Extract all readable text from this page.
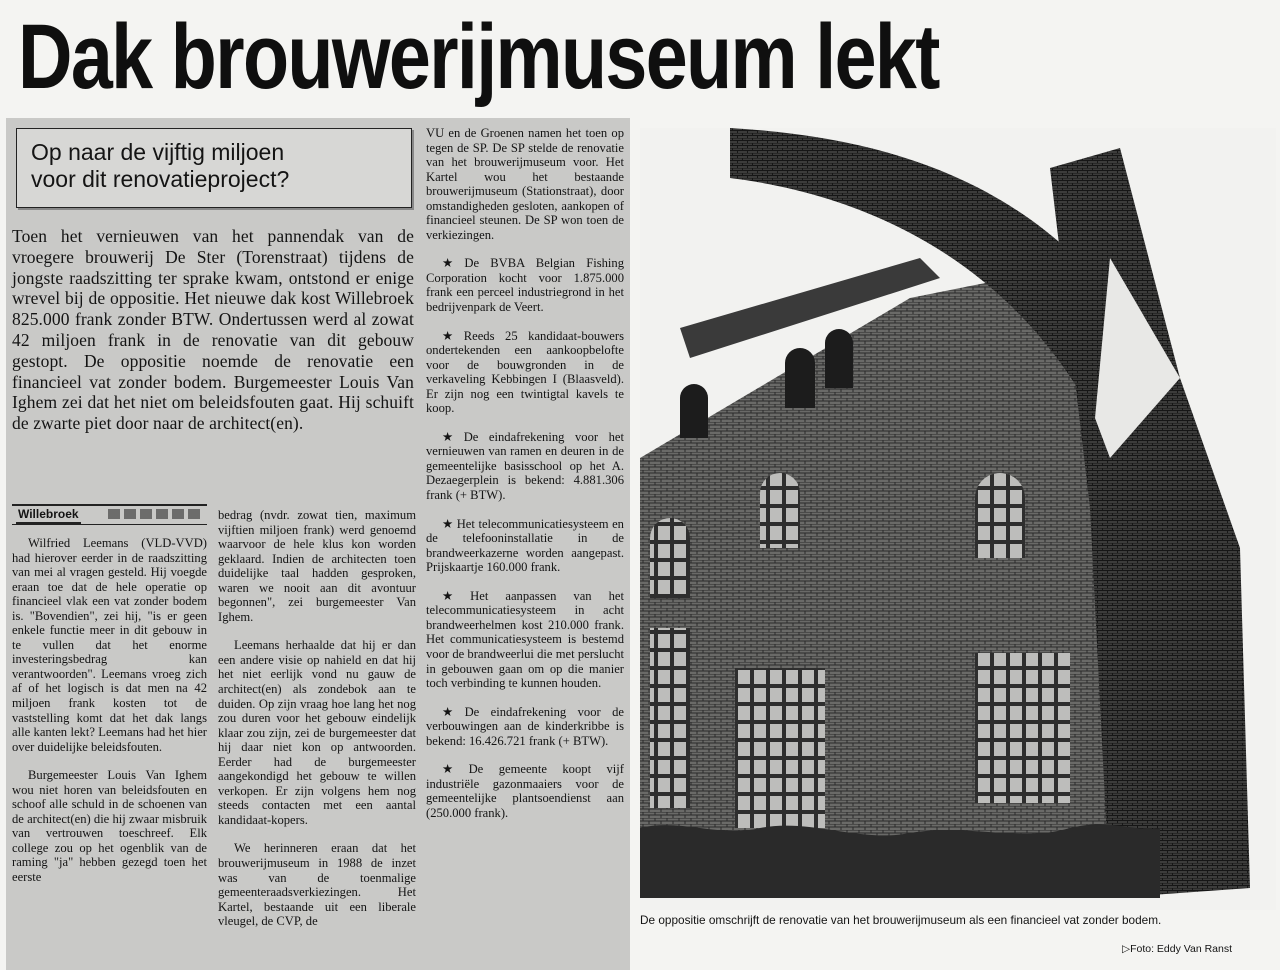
Dak brouwerijmuseum lekt
Op naar de vijftig miljoen
voor dit renovatieproject?

Toen het vernieuwen van het pannendak van de vroegere brouwerij De Ster (Torenstraat) tijdens de jongste raadszitting ter sprake kwam, ontstond er enige wrevel bij de oppositie. Het nieuwe dak kost Willebroek 825.000 frank zonder BTW. Ondertussen werd al zowat 42 miljoen frank in de renovatie van dit gebouw gestopt. De oppositie noemde de renovatie een financieel vat zonder bodem. Burgemeester Louis Van Ighem zei dat het niet om beleidsfouten gaat. Hij schuift de zwarte piet door naar de architect(en).

Willebroek

Wilfried Leemans (VLD-VVD) had hierover eerder in de raadszitting van mei al vragen gesteld. Hij voegde eraan toe dat de hele operatie op financieel vlak een vat zonder bodem is. "Bovendien", zei hij, "is er geen enkele functie meer in dit gebouw in te vullen dat het enorme investeringsbedrag kan verantwoorden". Leemans vroeg zich af of het logisch is dat men na 42 miljoen frank kosten tot de vaststelling komt dat het dak langs alle kanten lekt? Leemans had het hier over duidelijke beleidsfouten.

Burgemeester Louis Van Ighem wou niet horen van beleidsfouten en schoof alle schuld in de schoenen van de architect(en) die hij zwaar misbruik van vertrouwen toeschreef. Elk college zou op het ogenblik van de raming "ja" hebben gezegd toen het eerste

bedrag (nvdr. zowat tien, maximum vijftien miljoen frank) werd genoemd waarvoor de hele klus kon worden geklaard. Indien de architecten toen duidelijke taal hadden gesproken, waren we nooit aan dit avontuur begonnen", zei burgemeester Van Ighem.

Leemans herhaalde dat hij er dan een andere visie op nahield en dat hij het niet eerlijk vond nu gauw de architect(en) als zondebok aan te duiden. Op zijn vraag hoe lang het nog zou duren voor het gebouw eindelijk klaar zou zijn, zei de burgemeester dat hij daar niet kon op antwoorden. Eerder had de burgemeester aangekondigd het gebouw te willen verkopen. Er zijn volgens hem nog steeds contacten met een aantal kandidaat-kopers.

We herinneren eraan dat het brouwerijmuseum in 1988 de inzet was van de toenmalige gemeenteraadsverkiezingen. Het Kartel, bestaande uit een liberale vleugel, de CVP, de

VU en de Groenen namen het toen op tegen de SP. De SP stelde de renovatie van het brouwerijmuseum voor. Het Kartel wou het bestaande brouwerijmuseum (Stationstraat), door omstandigheden gesloten, aankopen of financieel steunen. De SP won toen de verkiezingen.

★ De BVBA Belgian Fishing Corporation kocht voor 1.875.000 frank een perceel industriegrond in het bedrijvenpark de Veert.

★ Reeds 25 kandidaat-bouwers ondertekenden een aankoopbelofte voor de bouwgronden in de verkaveling Kebbingen I (Blaasveld). Er zijn nog een twintigtal kavels te koop.

★ De eindafrekening voor het vernieuwen van ramen en deuren in de gemeentelijke basisschool op het A. Dezaegerplein is bekend: 4.881.306 frank (+ BTW).

★ Het telecommunicatiesysteem en de telefooninstallatie in de brandweerkazerne worden aangepast. Prijskaartje 160.000 frank.

★ Het aanpassen van het telecommunicatiesysteem in acht brandweerhelmen kost 210.000 frank. Het communicatiesysteem is bestemd voor de brandweerlui die met perslucht in gebouwen gaan om op die manier toch verbinding te kunnen houden.

★ De eindafrekening voor de verbouwingen aan de kinderkribbe is bekend: 16.426.721 frank (+ BTW).

★ De gemeente koopt vijf industriële gazonmaaiers voor de gemeentelijke plantsoendienst aan (250.000 frank).

De oppositie omschrijft de renovatie van het brouwerijmuseum als een financieel vat zonder bodem.

▷Foto: Eddy Van Ranst
